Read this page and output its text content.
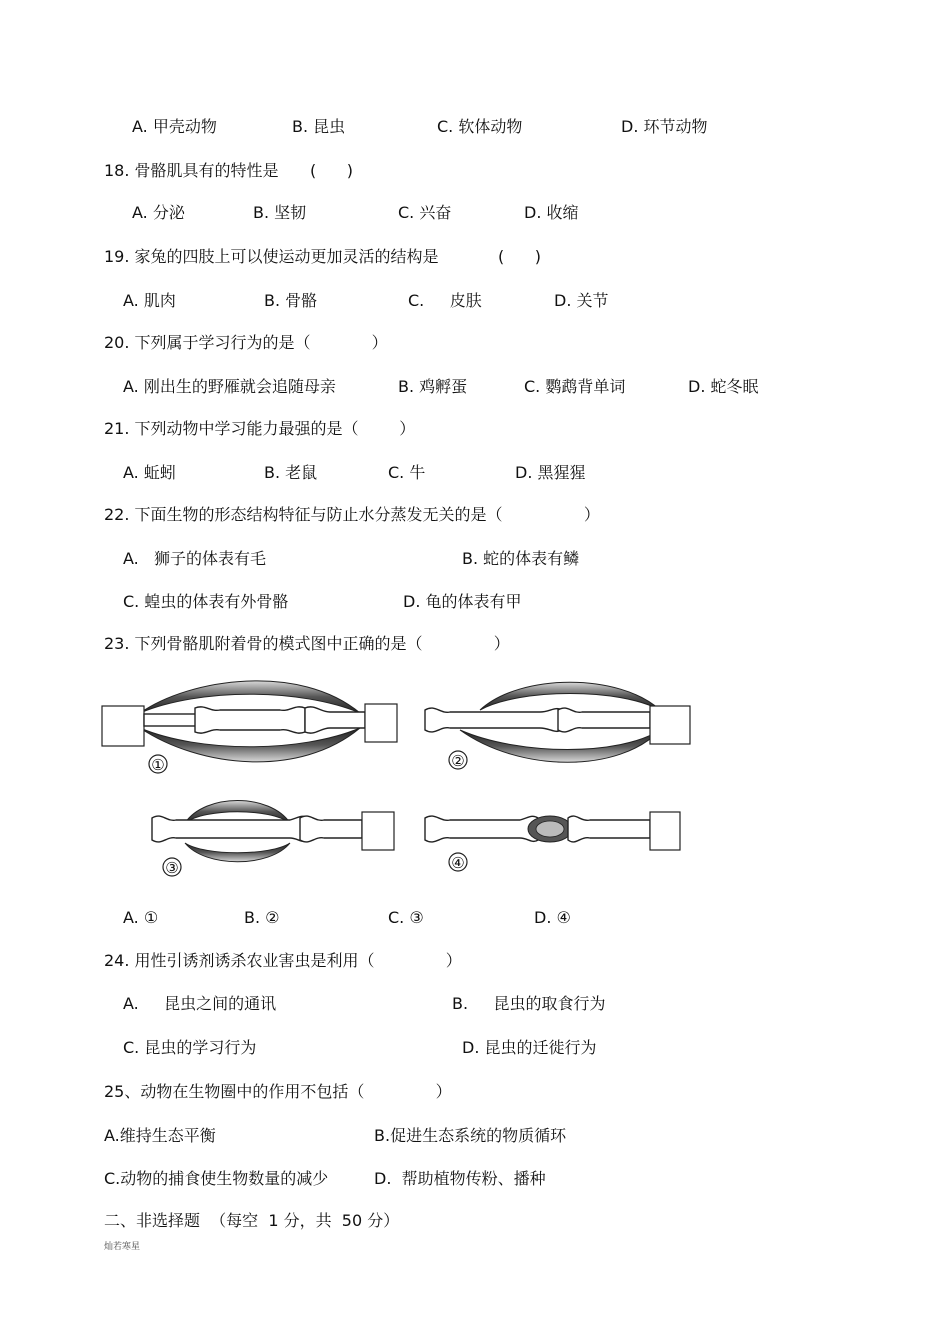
A. 甲壳动物	B. 昆虫	C. 软体动物	D. 环节动物
18. 骨骼肌具有的特性是 (      )
A. 分泌	B. 坚韧	C. 兴奋	D. 收缩
19. 家兔的四肢上可以使运动更加灵活的结构是	(      )
A. 肌肉	B. 骨骼	C.     皮肤	D. 关节
20. 下列属于学习行为的是（            ）
A. 刚出生的野雁就会追随母亲	B. 鸡孵蛋	C. 鹦鹉背单词	D. 蛇冬眠
21. 下列动物中学习能力最强的是（        ）
A. 蚯蚓	B. 老鼠	C. 牛	D. 黑猩猩
22. 下面生物的形态结构特征与防止水分蒸发无关的是（                ）
A.   狮子的体表有毛	B. 蛇的体表有鳞
C. 蝗虫的体表有外骨骼	D. 龟的体表有甲
23. 下列骨骼肌附着骨的模式图中正确的是（              ）
①	②
③	④
A. ①	B. ②	C. ③	D. ④
24. 用性引诱剂诱杀农业害虫是利用（              ）
A.     昆虫之间的通讯	B.     昆虫的取食行为
C. 昆虫的学习行为	D. 昆虫的迁徙行为
25、动物在生物圈中的作用不包括（              ）
A.维持生态平衡	B.促进生态系统的物质循环
C.动物的捕食使生物数量的减少	D.  帮助植物传粉、播种
二、非选择题  （每空  1 分，共  50 分）
灿若寒星
